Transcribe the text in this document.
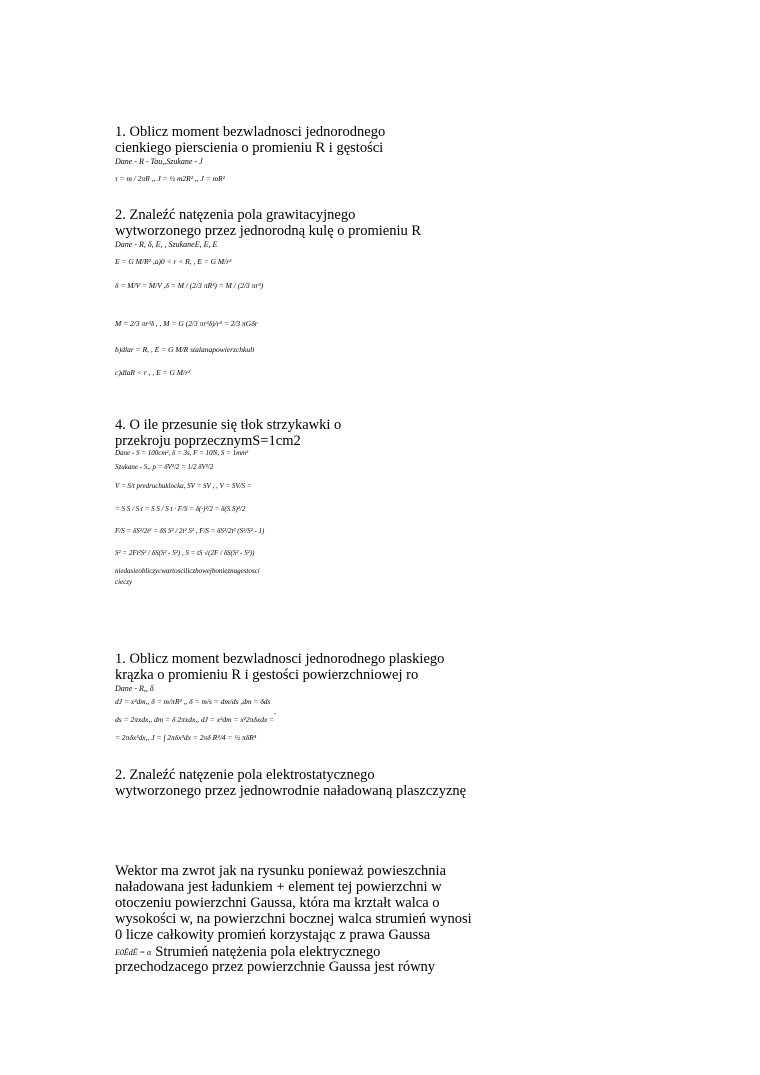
1. Oblicz moment bezwladnosci jednorodnego
cienkiego pierscienia o promieniu R i gęstości
Dane - R - Tau,,Szukane - J
τ = m / 2πR ,, J = ½ m2R² ,, J = mR²
2. Znaleźć natęzenia pola grawitacyjnego
wytworzonego przez jednorodną kulę o promieniu R
Dane - R, δ, E, , SzukaneE, E, E
E = G M/R² ,a)0 < r < R, , E = G M/r²
δ = M/V = M/V ,δ = M / (2/3 πR³) = M / (2/3 πr³)
M = 2/3 πr³δ , , M = G (2/3 πr³δ)/r² = 2/3 πGδr
b)dlar = R, , E = G M/R stalanapowierzchkuli
c)dlaR < r , , E = G M/r²
4. O ile przesunie się tłok strzykawki o
przekroju poprzecznymS=1cm2
Dane - S = 100cm², δ = 3s, F = 10N, S = 1mm²
Szukane - S,, p = δV²/2 = 1/2 δV²/2
V = S/t predruchuklocka, SV = SV , , V = SV/S =
= S S / S t = S S / S t · F/S = δ(·)²/2 = δ(S S)²/2
F/S = δS²/2t² = δS S² / 2t² S² , F/S = δS²/2t² (S²/S² - 1)
S² = 2Ft²S² / δS(S² - S²) , S = tS √(2F / δS(S² - S²))
niedasieobliczycwartosciliczbowejbonieznagestosci
cieczy
1. Oblicz moment bezwladnosci jednorodnego plaskiego
krązka o promieniu R i gestości powierzchniowej ro
Dane - R,, δ
dJ = x²dm,, δ = m/πR² ,, δ = m/s = dm/ds ,dm = δds
,
ds = 2πxdx,, dm = δ 2πxdx,, dJ = x²dm = x²2πδxdx =
= 2πδx³dx,, J = ∫ 2πδx³dx = 2πδ R⁴/4 = ½ πδR⁴
2. Znaleźć natęzenie pola elektrostatycznego
wytworzonego przez jednowrodnie naładowaną plaszczyznę
Wektor ma zwrot jak na rysunku ponieważ powieszchnia
naładowana jest ładunkiem + element tej powierzchni w
otoczeniu powierzchni Gaussa, która ma krztałt walca o
wysokości w, na powierzchni bocznej walca strumień wynosi
0 licze całkowity promień korzystając z prawa Gaussa
E0ĒdĒ = α Strumień natężenia pola elektrycznego
przechodzacego przez powierzchnie Gaussa jest równy
